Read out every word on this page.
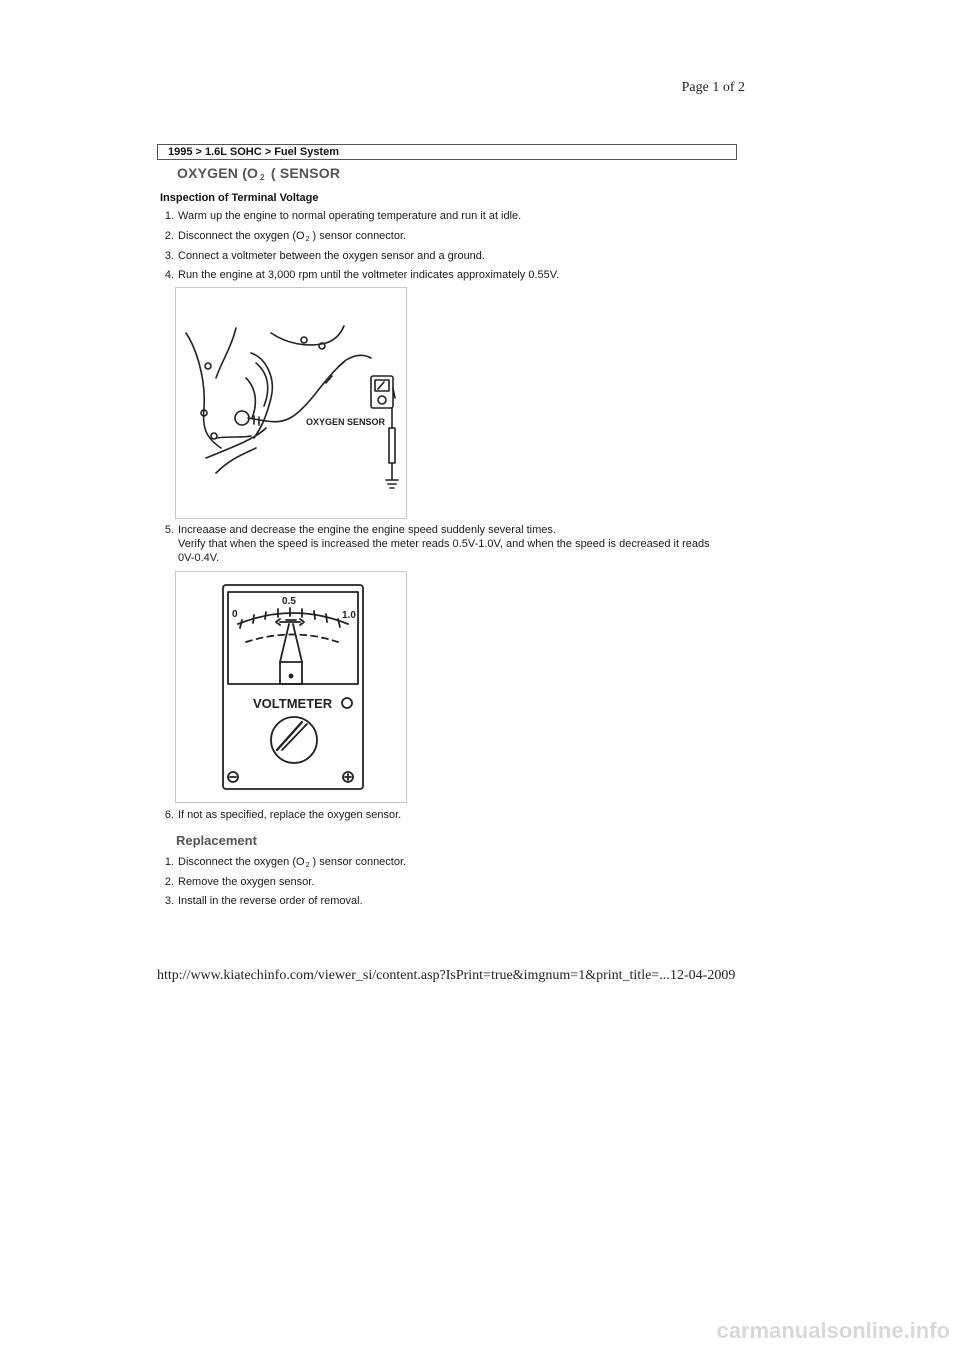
Page 1 of 2
1995 > 1.6L SOHC > Fuel System
OXYGEN (O $_2$ ( SENSOR
Inspection of Terminal Voltage
1. Warm up the engine to normal operating temperature and run it at idle.
2. Disconnect the oxygen ($O_2$ ) sensor connector.
3. Connect a voltmeter between the oxygen sensor and a ground.
4. Run the engine at 3,000 rpm until the voltmeter indicates approximately 0.55V.
OXYGEN SENSOR
5. Increaase and decrease the engine the engine speed suddenly several times.
Verify that when the speed is increased the meter reads 0.5V-1.0V, and when the speed is decreased it reads
0V-0.4V.
0
0.5
1.0
VOLTMETER
6. If not as specified, replace the oxygen sensor.
Replacement
1. Disconnect the oxygen ($O_2$ ) sensor connector.
2. Remove the oxygen sensor.
3. Install in the reverse order of removal.
http://www.kiatechinfo.com/viewer_si/content.asp?IsPrint=true&imgnum=1&print_title=... 12-04-2009
carmanualsonline.info
